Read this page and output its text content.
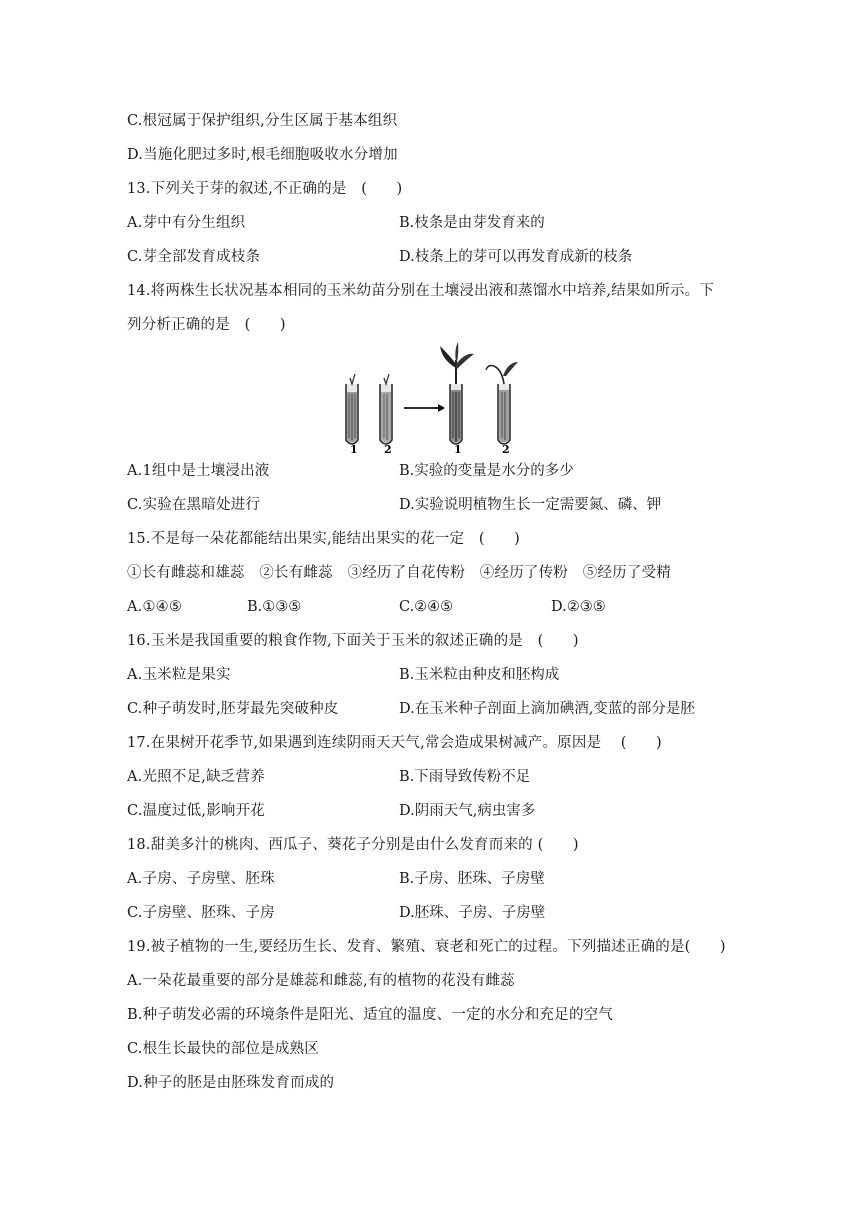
C.根冠属于保护组织,分生区属于基本组织
D.当施化肥过多时,根毛细胞吸收水分增加
13.下列关于芽的叙述,不正确的是　(　　)
A.芽中有分生组织	B.枝条是由芽发育来的
C.芽全部发育成枝条	D.枝条上的芽可以再发育成新的枝条
14.将两株生长状况基本相同的玉米幼苗分别在土壤浸出液和蒸馏水中培养,结果如所示。下
列分析正确的是　(　　)
1 2	1	2
A.1组中是土壤浸出液	B.实验的变量是水分的多少
C.实验在黑暗处进行	D.实验说明植物生长一定需要氮、磷、钾
15.不是每一朵花都能结出果实,能结出果实的花一定　(　　)
①长有雌蕊和雄蕊　②长有雌蕊　③经历了自花传粉　④经历了传粉　⑤经历了受精
A.①④⑤	B.①③⑤	C.②④⑤	D.②③⑤
16.玉米是我国重要的粮食作物,下面关于玉米的叙述正确的是　(　　)
A.玉米粒是果实	B.玉米粒由种皮和胚构成
C.种子萌发时,胚芽最先突破种皮	D.在玉米种子剖面上滴加碘酒,变蓝的部分是胚
17.在果树开花季节,如果遇到连续阴雨天天气,常会造成果树减产。原因是　 (　　)
A.光照不足,缺乏营养	B.下雨导致传粉不足
C.温度过低,影响开花	D.阴雨天气,病虫害多
18.甜美多汁的桃肉、西瓜子、葵花子分别是由什么发育而来的 (　　)
A.子房、子房壁、胚珠	B.子房、胚珠、子房壁
C.子房壁、胚珠、子房	D.胚珠、子房、子房壁
19.被子植物的一生,要经历生长、发育、繁殖、衰老和死亡的过程。下列描述正确的是(　　)
A.一朵花最重要的部分是雄蕊和雌蕊,有的植物的花没有雌蕊
B.种子萌发必需的环境条件是阳光、适宜的温度、一定的水分和充足的空气
C.根生长最快的部位是成熟区
D.种子的胚是由胚珠发育而成的
